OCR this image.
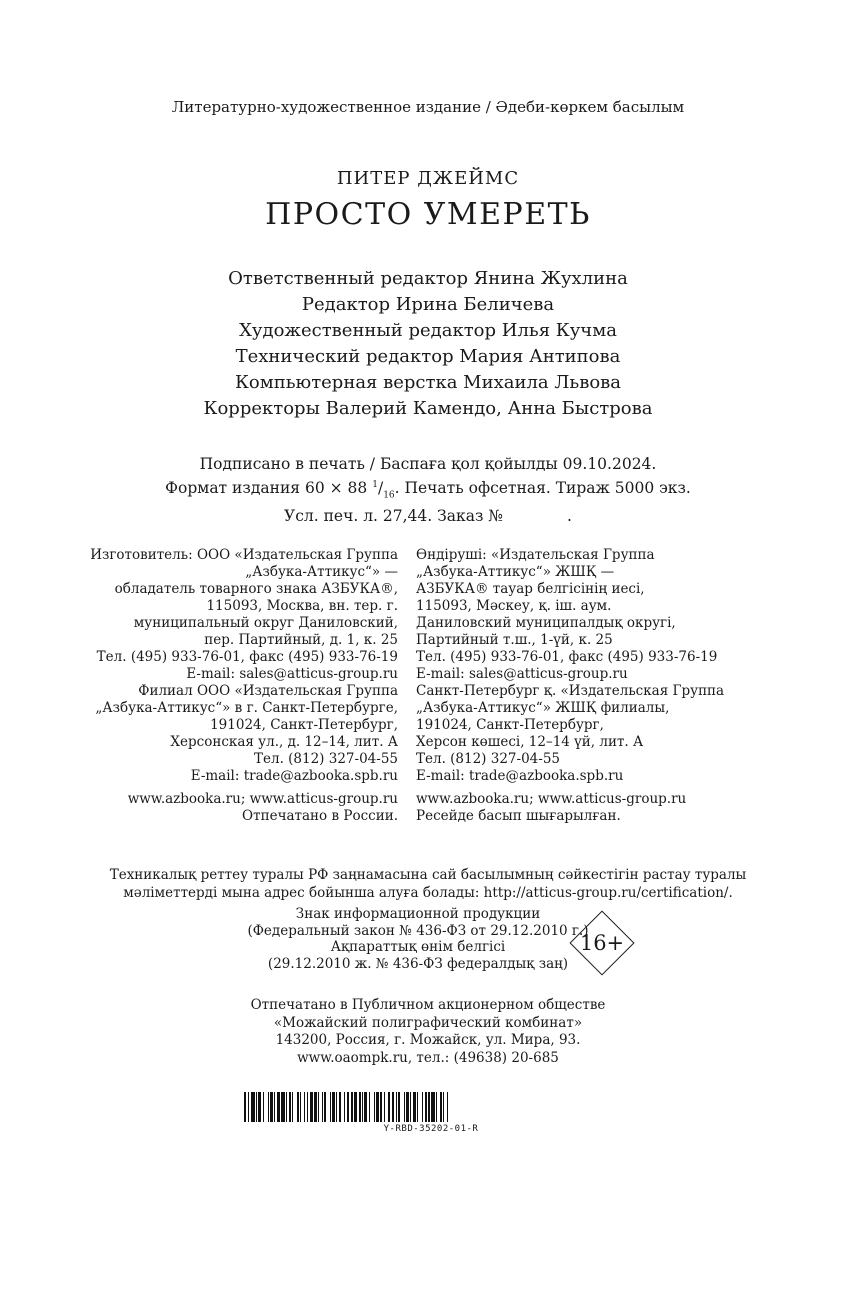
Литературно-художественное издание / Әдеби-көркем басылым
ПИТЕР ДЖЕЙМС
ПРОСТО УМЕРЕТЬ
Ответственный редактор Янина Жухлина
Редактор Ирина Беличева
Художественный редактор Илья Кучма
Технический редактор Мария Антипова
Компьютерная верстка Михаила Львова
Корректоры Валерий Камендо, Анна Быстрова
Подписано в печать / Баспаға қол қойылды 09.10.2024.
Формат издания 60 × 88 $^1/_{16}$. Печать офсетная. Тираж 5000 экз.
Усл. печ. л. 27,44. Заказ №             .
Изготовитель: ООО «Издательская Группа
„Азбука-Аттикус“» —
обладатель товарного знака АЗБУКА®,
115093, Москва, вн. тер. г.
муниципальный округ Даниловский,
пер. Партийный, д. 1, к. 25
Тел. (495) 933-76-01, факс (495) 933-76-19
E-mail: sales@atticus-group.ru
Филиал ООО «Издательская Группа
„Азбука-Аттикус“» в г. Санкт-Петербурге,
191024, Санкт-Петербург,
Херсонская ул., д. 12–14, лит. А
Тел. (812) 327-04-55
E-mail: trade@azbooka.spb.ru
www.azbooka.ru; www.atticus-group.ru
Отпечатано в России.
Өндіруші: «Издательская Группа
„Азбука-Аттикус“» ЖШҚ —
АЗБУКА® тауар белгісінің иесі,
115093, Мәскеу, қ. іш. аум.
Даниловский муниципалдық округі,
Партийный т.ш., 1-үй, к. 25
Тел. (495) 933-76-01, факс (495) 933-76-19
E-mail: sales@atticus-group.ru
Санкт-Петербург қ. «Издательская Группа
„Азбука-Аттикус“» ЖШҚ филиалы,
191024, Санкт-Петербург,
Херсон көшесі, 12–14 үй, лит. А
Тел. (812) 327-04-55
E-mail: trade@azbooka.spb.ru
www.azbooka.ru; www.atticus-group.ru
Ресейде басып шығарылған.
Техникалық реттеу туралы РФ заңнамасына сай басылымның сәйкестігін растау туралы
мәліметтерді мына адрес бойынша алуға болады: http://atticus-group.ru/certification/.
Знак информационной продукции
(Федеральный закон № 436-ФЗ от 29.12.2010 г.)
Ақпараттық өнім белгісі
(29.12.2010 ж. № 436-ФЗ федералдық заң)
16+
Отпечатано в Публичном акционерном обществе
«Можайский полиграфический комбинат»
143200, Россия, г. Можайск, ул. Мира, 93.
www.oaompk.ru, тел.: (49638) 20-685
Y-RBD-35202-01-R
